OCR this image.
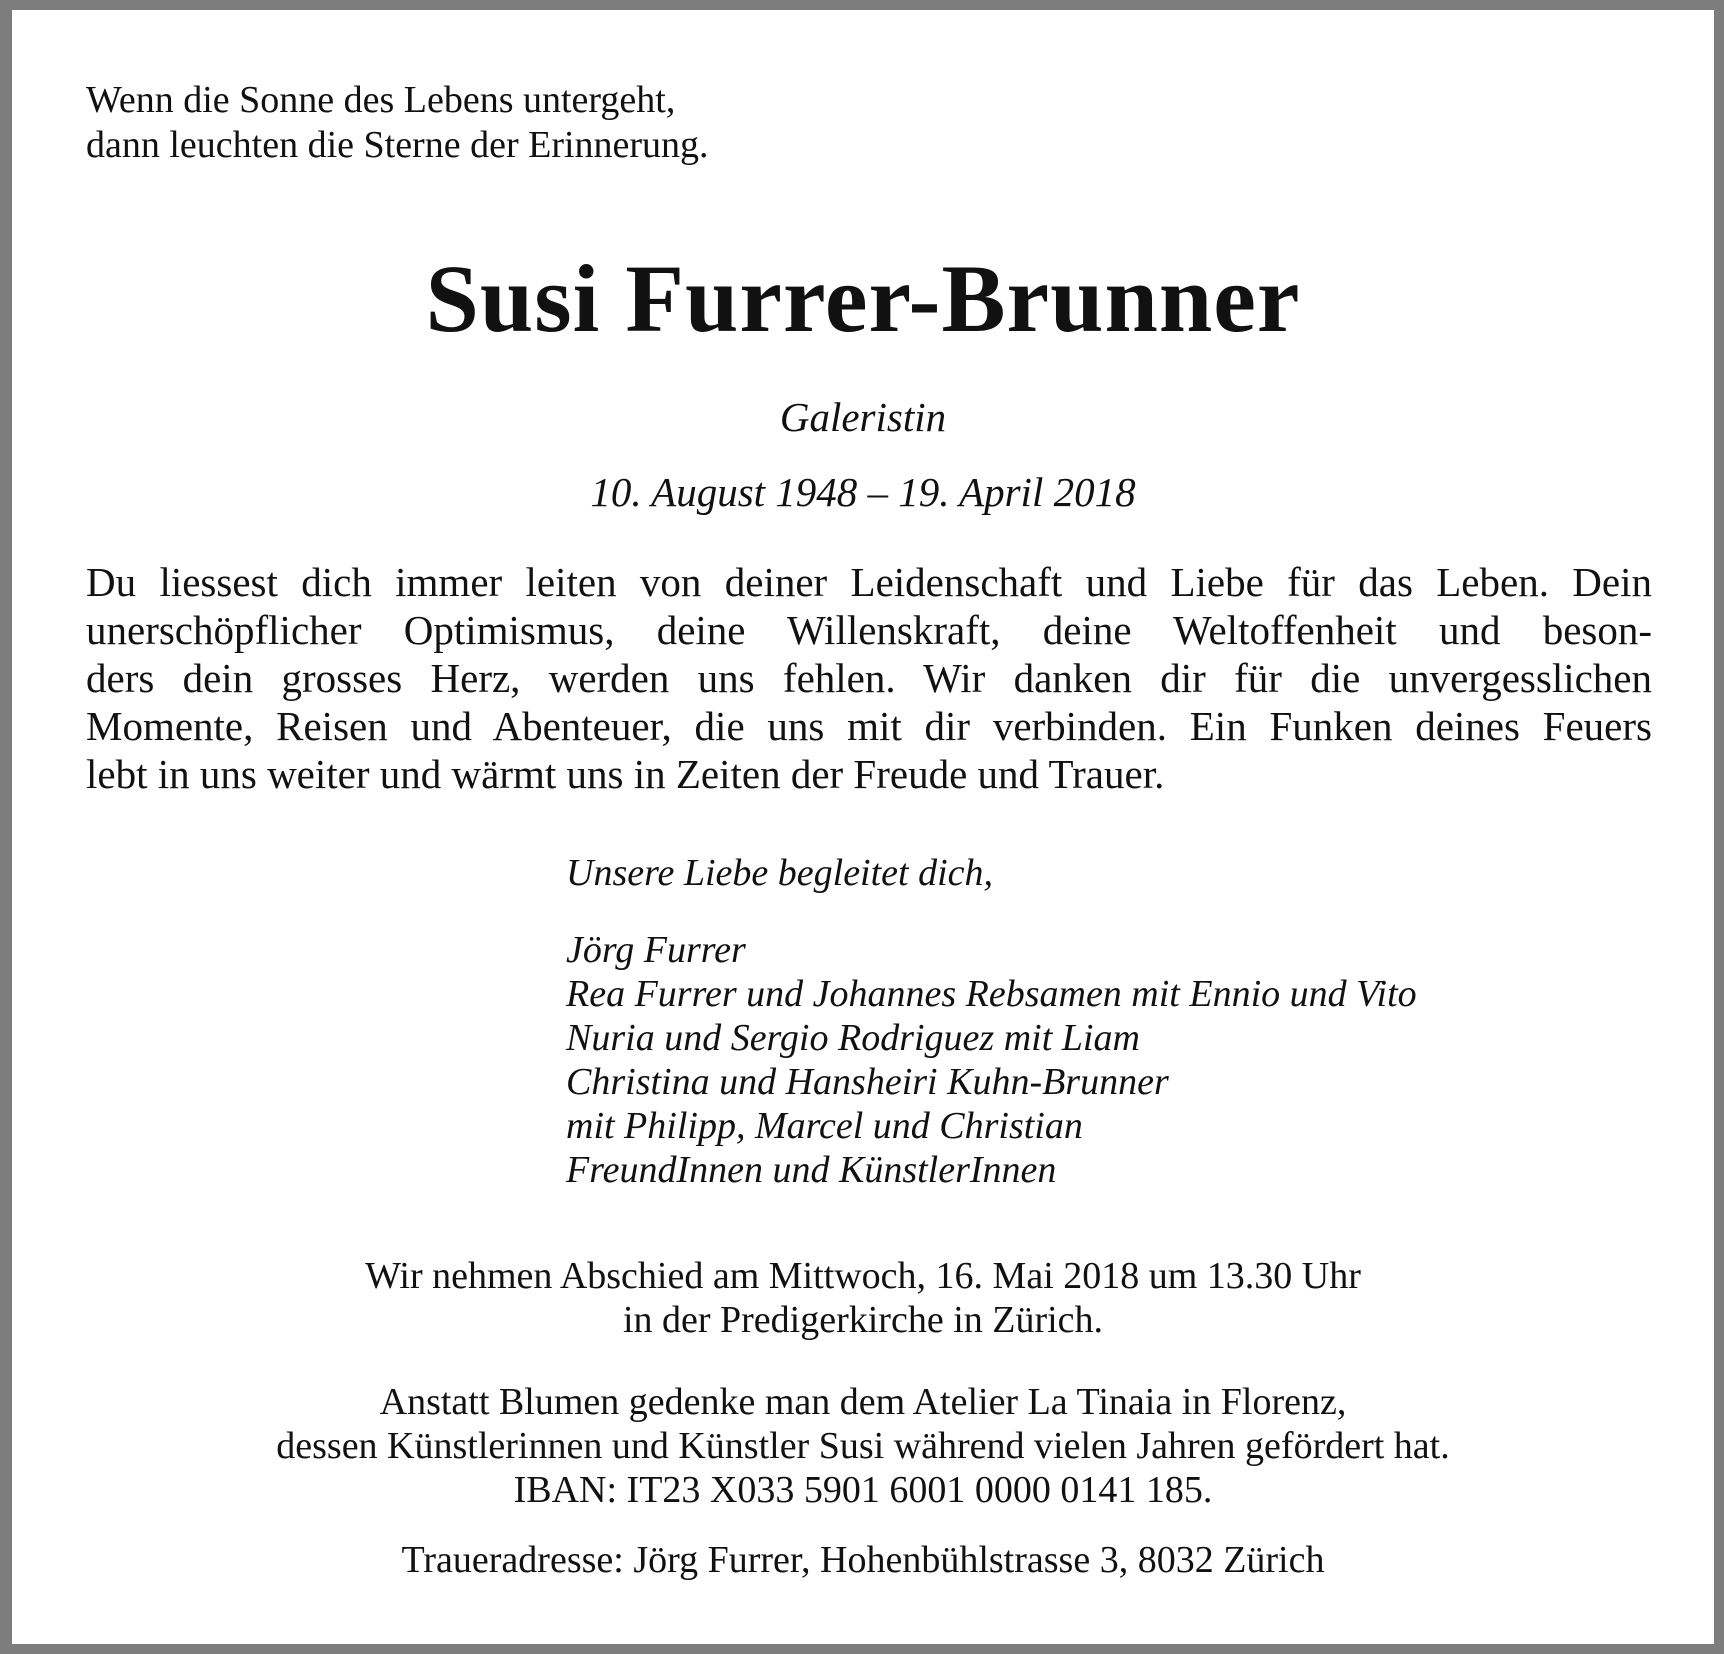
Wenn die Sonne des Lebens untergeht,
dann leuchten die Sterne der Erinnerung.
Susi Furrer-Brunner
Galeristin
10. August 1948 – 19. April 2018
Du liessest dich immer leiten von deiner Leidenschaft und Liebe für das Leben. Dein
unerschöpflicher Optimismus, deine Willenskraft, deine Weltoffenheit und beson-
ders dein grosses Herz, werden uns fehlen. Wir danken dir für die unvergesslichen
Momente, Reisen und Abenteuer, die uns mit dir verbinden. Ein Funken deines Feuers
lebt in uns weiter und wärmt uns in Zeiten der Freude und Trauer.
Unsere Liebe begleitet dich,
Jörg Furrer
Rea Furrer und Johannes Rebsamen mit Ennio und Vito
Nuria und Sergio Rodriguez mit Liam
Christina und Hansheiri Kuhn-Brunner
mit Philipp, Marcel und Christian
FreundInnen und KünstlerInnen
Wir nehmen Abschied am Mittwoch, 16. Mai 2018 um 13.30 Uhr
in der Predigerkirche in Zürich.
Anstatt Blumen gedenke man dem Atelier La Tinaia in Florenz,
dessen Künstlerinnen und Künstler Susi während vielen Jahren gefördert hat.
IBAN: IT23 X033 5901 6001 0000 0141 185.
Traueradresse: Jörg Furrer, Hohenbühlstrasse 3, 8032 Zürich
